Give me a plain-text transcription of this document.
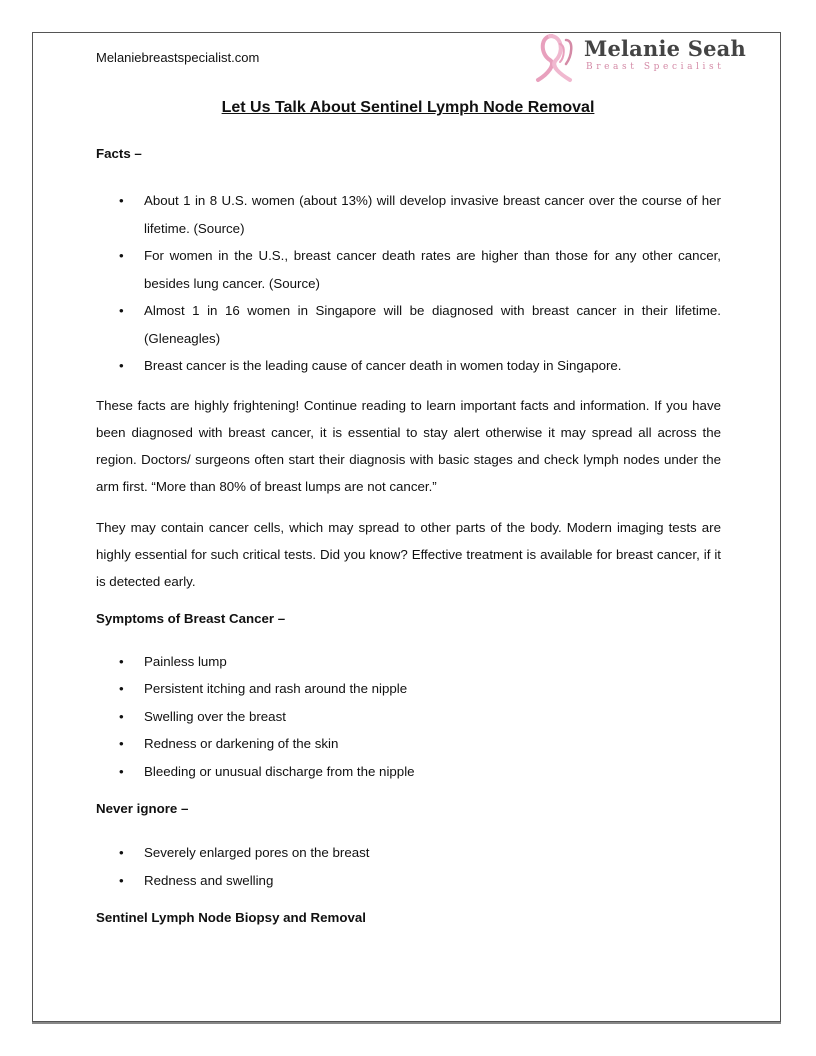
Melaniebreastspecialist.com	Melanie Seah
Breast Specialist
Let Us Talk About Sentinel Lymph Node Removal

Facts –

• About 1 in 8 U.S. women (about 13%) will develop invasive breast cancer over the course of her lifetime. (Source)
• For women in the U.S., breast cancer death rates are higher than those for any other cancer, besides lung cancer. (Source)
• Almost 1 in 16 women in Singapore will be diagnosed with breast cancer in their lifetime. (Gleneagles)
• Breast cancer is the leading cause of cancer death in women today in Singapore.

These facts are highly frightening! Continue reading to learn important facts and information. If you have been diagnosed with breast cancer, it is essential to stay alert otherwise it may spread all across the region. Doctors/ surgeons often start their diagnosis with basic stages and check lymph nodes under the arm first. “More than 80% of breast lumps are not cancer.”

They may contain cancer cells, which may spread to other parts of the body. Modern imaging tests are highly essential for such critical tests. Did you know? Effective treatment is available for breast cancer, if it is detected early.

Symptoms of Breast Cancer –

• Painless lump
• Persistent itching and rash around the nipple
• Swelling over the breast
• Redness or darkening of the skin
• Bleeding or unusual discharge from the nipple

Never ignore –

• Severely enlarged pores on the breast
• Redness and swelling

Sentinel Lymph Node Biopsy and Removal
